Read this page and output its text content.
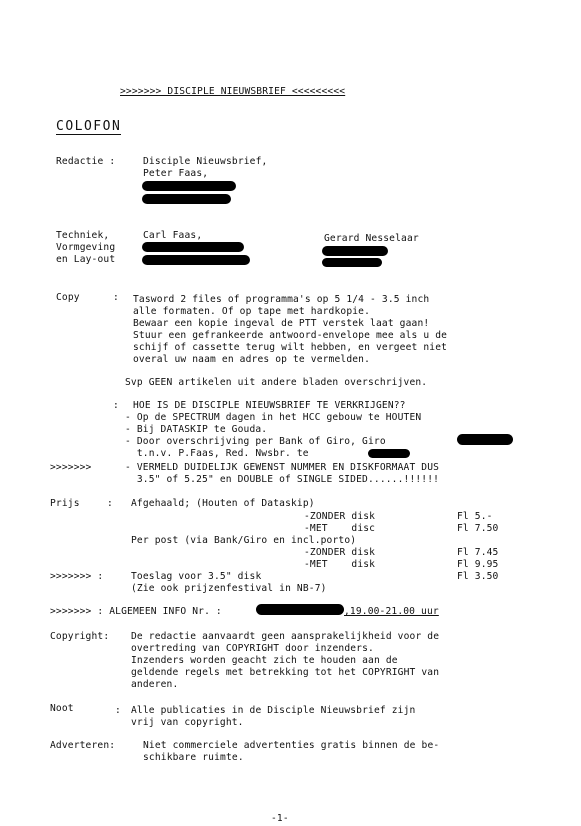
>>>>>>> DISCIPLE NIEUWSBRIEF <<<<<<<<<
COLOFON
Redactie :	Disciple Nieuwsbrief,
Peter Faas,
Techniek,
Vormgeving
en Lay-out
Carl Faas,	Gerard Nesselaar
Copy	: Tasword 2 files of programma's op 5 1/4 - 3.5 inch
alle formaten. Of op tape met hardkopie.
Bewaar een kopie ingeval de PTT verstek laat gaan!
Stuur een gefrankeerde antwoord-envelope mee als u de
schijf of cassette terug wilt hebben, en vergeet niet
overal uw naam en adres op te vermelden.
Svp GEEN artikelen uit andere bladen overschrijven.
: HOE IS DE DISCIPLE NIEUWSBRIEF TE VERKRIJGEN??
- Op de SPECTRUM dagen in het HCC gebouw te HOUTEN
- Bij DATASKIP te Gouda.
- Door overschrijving per Bank of Giro, Giro
t.n.v. P.Faas, Red. Nwsbr. te
>>>>>>>	- VERMELD DUIDELIJK GEWENST NUMMER EN DISKFORMAAT DUS
3.5" of 5.25" en DOUBLE of SINGLE SIDED......!!!!!!
Prijs	: Afgehaald; (Houten of Dataskip)
-ZONDER disk	Fl 5.-
-MET    disc	Fl 7.50
Per post (via Bank/Giro en incl.porto)
-ZONDER disk	Fl 7.45
-MET    disk	Fl 9.95
>>>>>>> :	Toeslag voor 3.5" disk	Fl 3.50
(Zie ook prijzenfestival in NB-7)
>>>>>>> : ALGEMEEN INFO Nr. :	,19.00-21.00 uur
Copyright: De redactie aanvaardt geen aansprakelijkheid voor de
overtreding van COPYRIGHT door inzenders.
Inzenders worden geacht zich te houden aan de
geldende regels met betrekking tot het COPYRIGHT van
anderen.
Noot	: Alle publicaties in de Disciple Nieuwsbrief zijn
vrij van copyright.
Adverteren:	Niet commerciele advertenties gratis binnen de be-
schikbare ruimte.
-1-
